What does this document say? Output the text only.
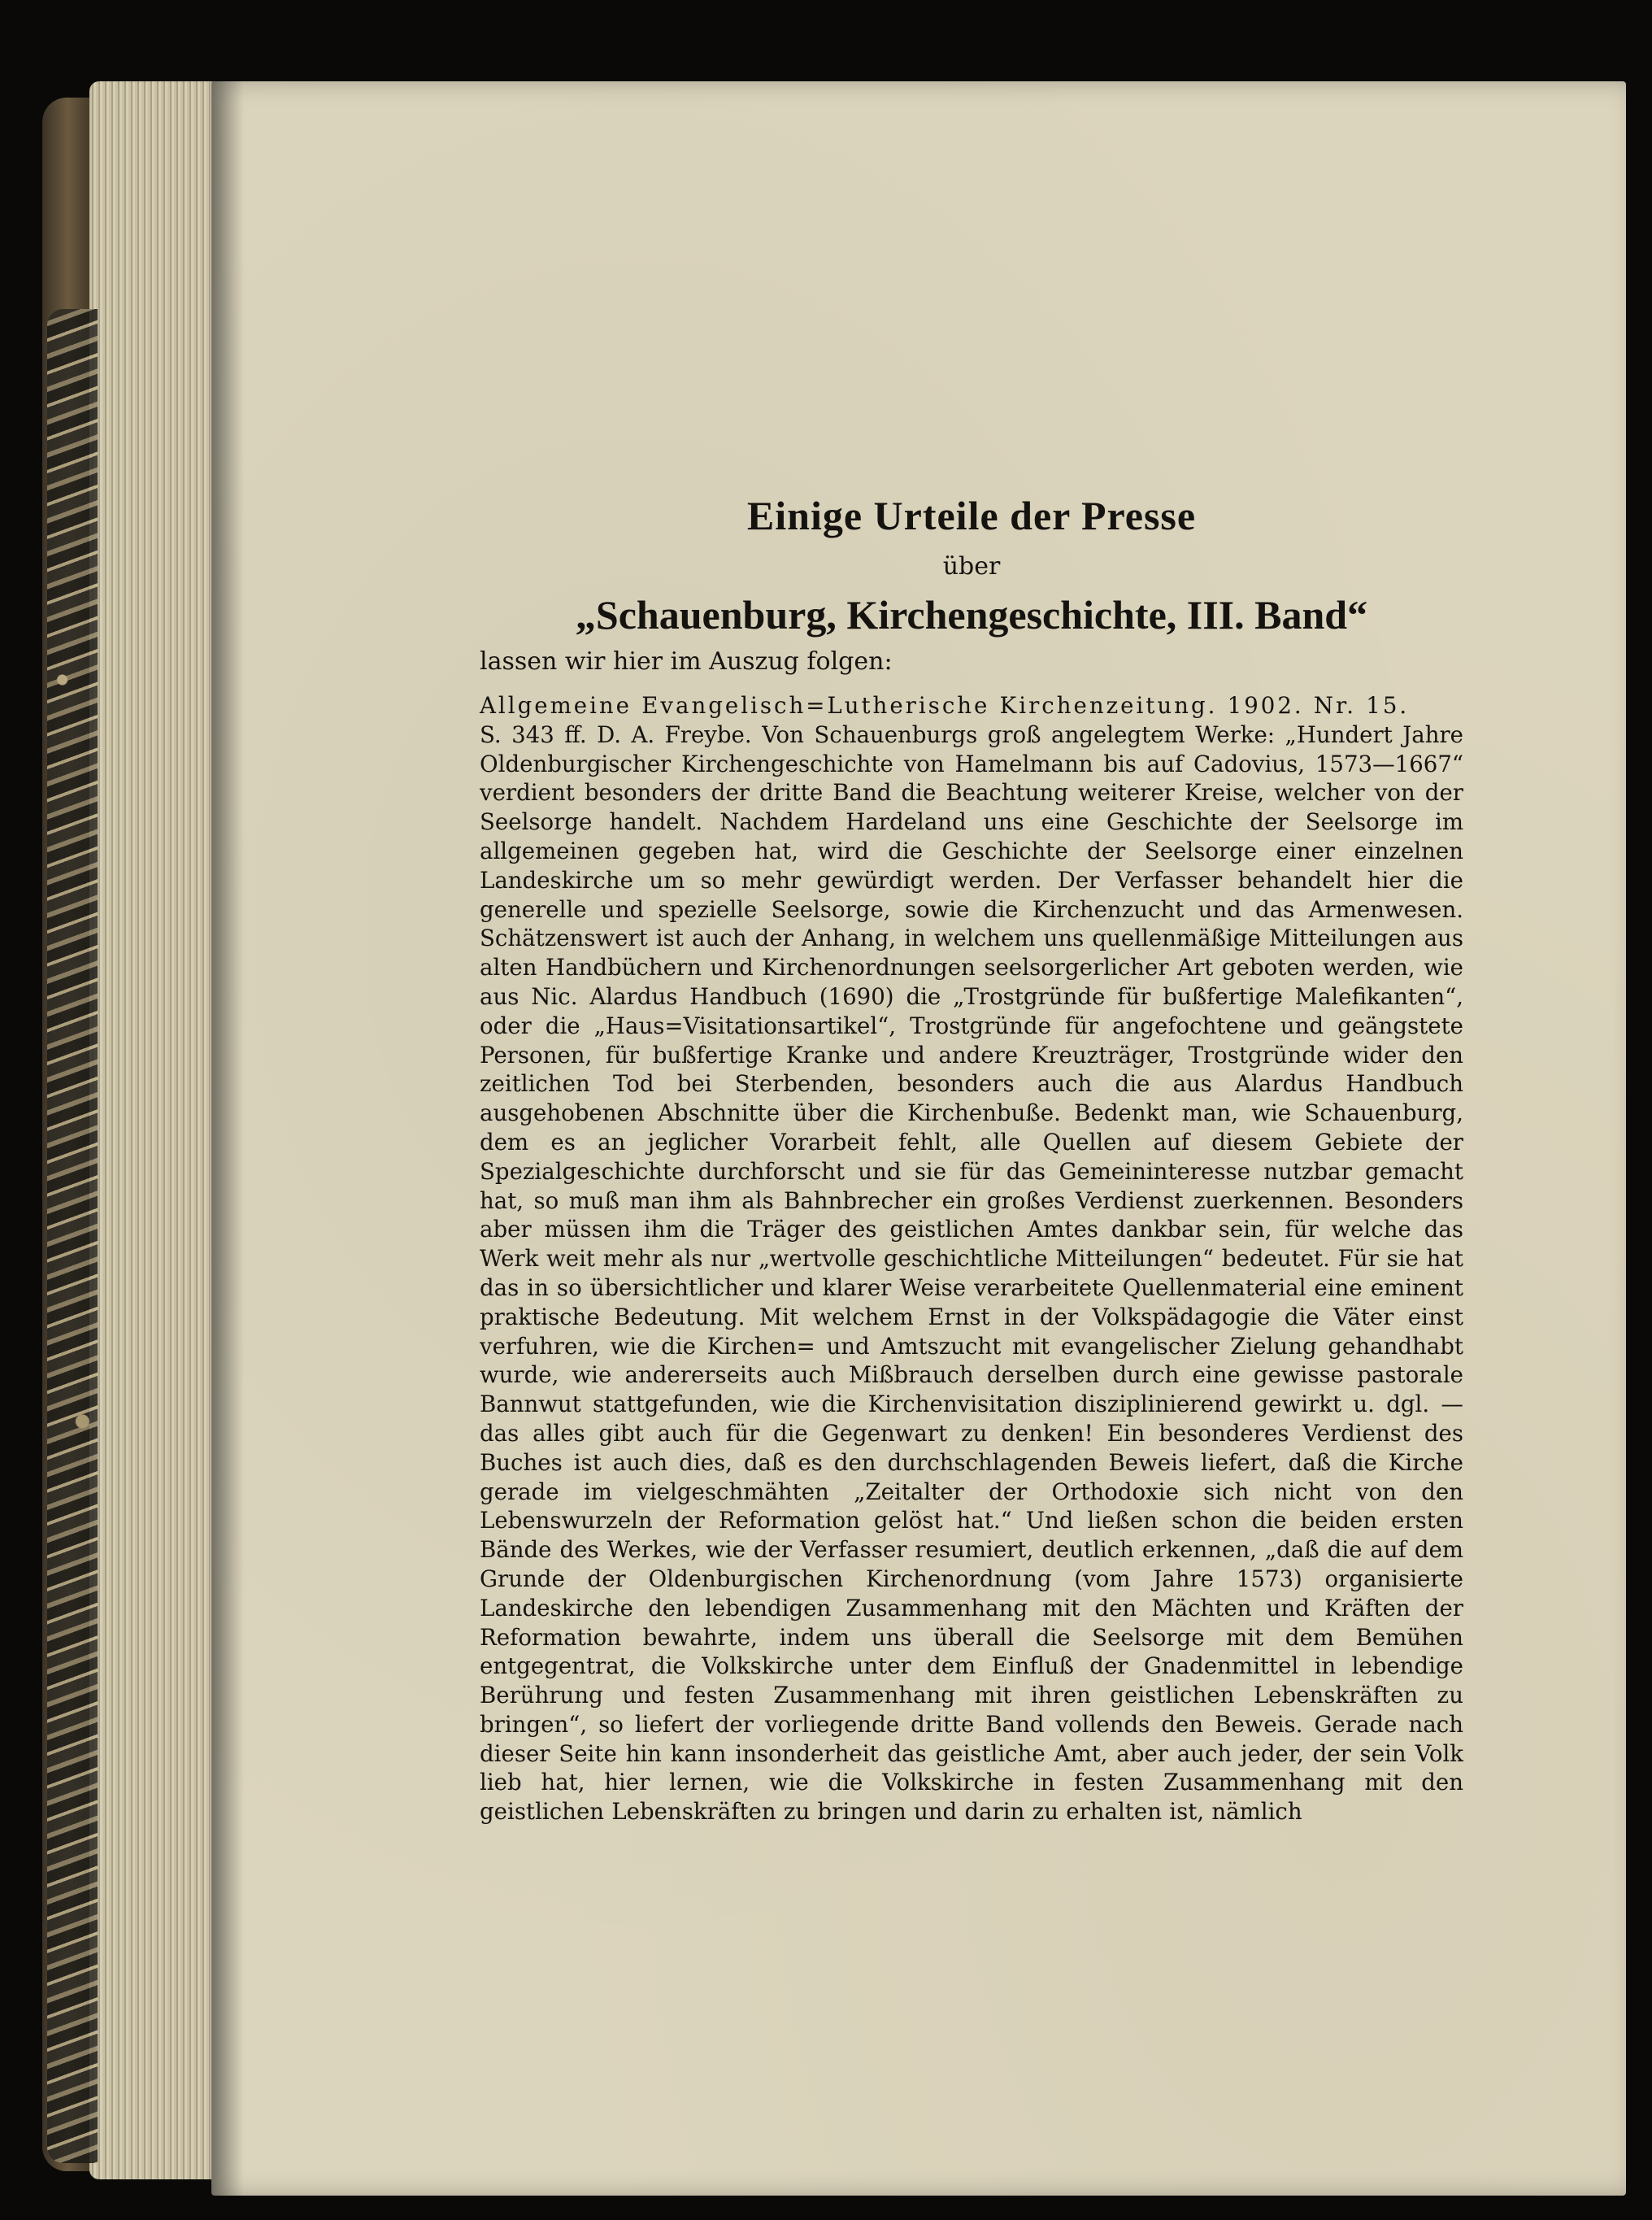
Einige Urteile der Presse
über
„Schauenburg, Kirchengeschichte, III. Band“
lassen wir hier im Auszug folgen:
Allgemeine Evangelisch=Lutherische Kirchenzeitung. 1902. Nr. 15.
S. 343 ff. D. A. Freybe. Von Schauenburgs groß angelegtem Werke: „Hundert Jahre Oldenburgischer Kirchengeschichte von Hamelmann bis auf Cadovius, 1573—1667“ verdient besonders der dritte Band die Beachtung weiterer Kreise, welcher von der Seelsorge handelt. Nachdem Hardeland uns eine Geschichte der Seelsorge im allgemeinen gegeben hat, wird die Geschichte der Seelsorge einer einzelnen Landeskirche um so mehr gewürdigt werden. Der Verfasser behandelt hier die generelle und spezielle Seelsorge, sowie die Kirchenzucht und das Armenwesen. Schätzenswert ist auch der Anhang, in welchem uns quellenmäßige Mitteilungen aus alten Handbüchern und Kirchenordnungen seelsorgerlicher Art geboten werden, wie aus Nic. Alardus Handbuch (1690) die „Trostgründe für bußfertige Malefikanten“, oder die „Haus=Visitationsartikel“, Trostgründe für angefochtene und geängstete Personen, für bußfertige Kranke und andere Kreuzträger, Trostgründe wider den zeitlichen Tod bei Sterbenden, besonders auch die aus Alardus Handbuch ausgehobenen Abschnitte über die Kirchenbuße. Bedenkt man, wie Schauenburg, dem es an jeglicher Vorarbeit fehlt, alle Quellen auf diesem Gebiete der Spezialgeschichte durchforscht und sie für das Gemeininteresse nutzbar gemacht hat, so muß man ihm als Bahnbrecher ein großes Verdienst zuerkennen. Besonders aber müssen ihm die Träger des geistlichen Amtes dankbar sein, für welche das Werk weit mehr als nur „wertvolle geschichtliche Mitteilungen“ bedeutet. Für sie hat das in so übersichtlicher und klarer Weise verarbeitete Quellenmaterial eine eminent praktische Bedeutung. Mit welchem Ernst in der Volkspädagogie die Väter einst verfuhren, wie die Kirchen= und Amtszucht mit evangelischer Zielung gehandhabt wurde, wie andererseits auch Mißbrauch derselben durch eine gewisse pastorale Bannwut stattgefunden, wie die Kirchenvisitation disziplinierend gewirkt u. dgl. — das alles gibt auch für die Gegenwart zu denken! Ein besonderes Verdienst des Buches ist auch dies, daß es den durchschlagenden Beweis liefert, daß die Kirche gerade im vielgeschmähten „Zeitalter der Orthodoxie sich nicht von den Lebenswurzeln der Reformation gelöst hat.“ Und ließen schon die beiden ersten Bände des Werkes, wie der Verfasser resumiert, deutlich erkennen, „daß die auf dem Grunde der Oldenburgischen Kirchenordnung (vom Jahre 1573) organisierte Landeskirche den lebendigen Zusammenhang mit den Mächten und Kräften der Reformation bewahrte, indem uns überall die Seelsorge mit dem Bemühen entgegentrat, die Volkskirche unter dem Einfluß der Gnadenmittel in lebendige Berührung und festen Zusammenhang mit ihren geistlichen Lebenskräften zu bringen“, so liefert der vorliegende dritte Band vollends den Beweis. Gerade nach dieser Seite hin kann insonderheit das geistliche Amt, aber auch jeder, der sein Volk lieb hat, hier lernen, wie die Volkskirche in festen Zusammenhang mit den geistlichen Lebenskräften zu bringen und darin zu erhalten ist, nämlich
